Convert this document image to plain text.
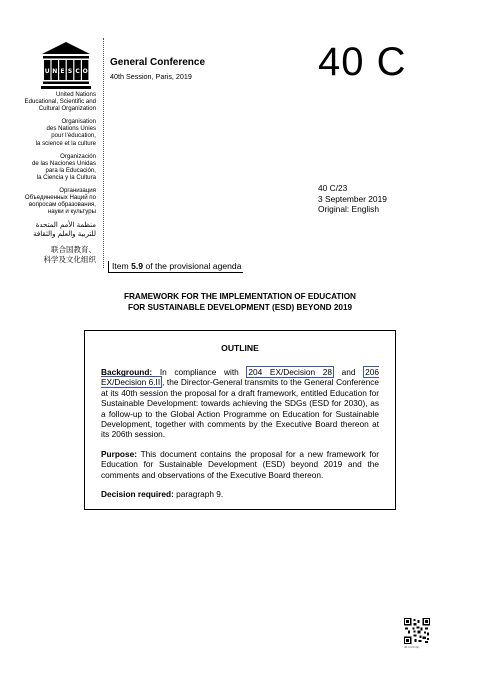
U N E S C O
United Nations
Educational, Scientific and
Cultural Organization
Organisation
des Nations Unies
pour l’éducation,
la science et la culture
Organización
de las Naciones Unidas
para la Educación,
la Ciencia y la Cultura
Организация
Объединенных Наций по
вопросам образования,
науки и культуры
منظمة الأمم المتحدة
للتربية والعلم والثقافة
联合国教育、
科学及文化组织
General Conference
40th Session, Paris, 2019	40 C
40 C/23
3 September 2019
Original: English
Item 5.9 of the provisional agenda
FRAMEWORK FOR THE IMPLEMENTATION OF EDUCATION
FOR SUSTAINABLE DEVELOPMENT (ESD) BEYOND 2019
OUTLINE
Background: In compliance with 204 EX/Decision 28 and 206 EX/Decision 6.II , the Director-General transmits to the General Conference at its 40th session the proposal for a draft framework, entitled Education for Sustainable Development: towards achieving the SDGs (ESD for 2030), as a follow-up to the Global Action Programme on Education for Sustainable Development, together with comments by the Executive Board thereon at its 206th session.
Purpose: This document contains the proposal for a new framework for Education for Sustainable Development (ESD) beyond 2019 and the comments and observations of the Executive Board thereon.
Decision required: paragraph 9.
40 C/23 (E)
